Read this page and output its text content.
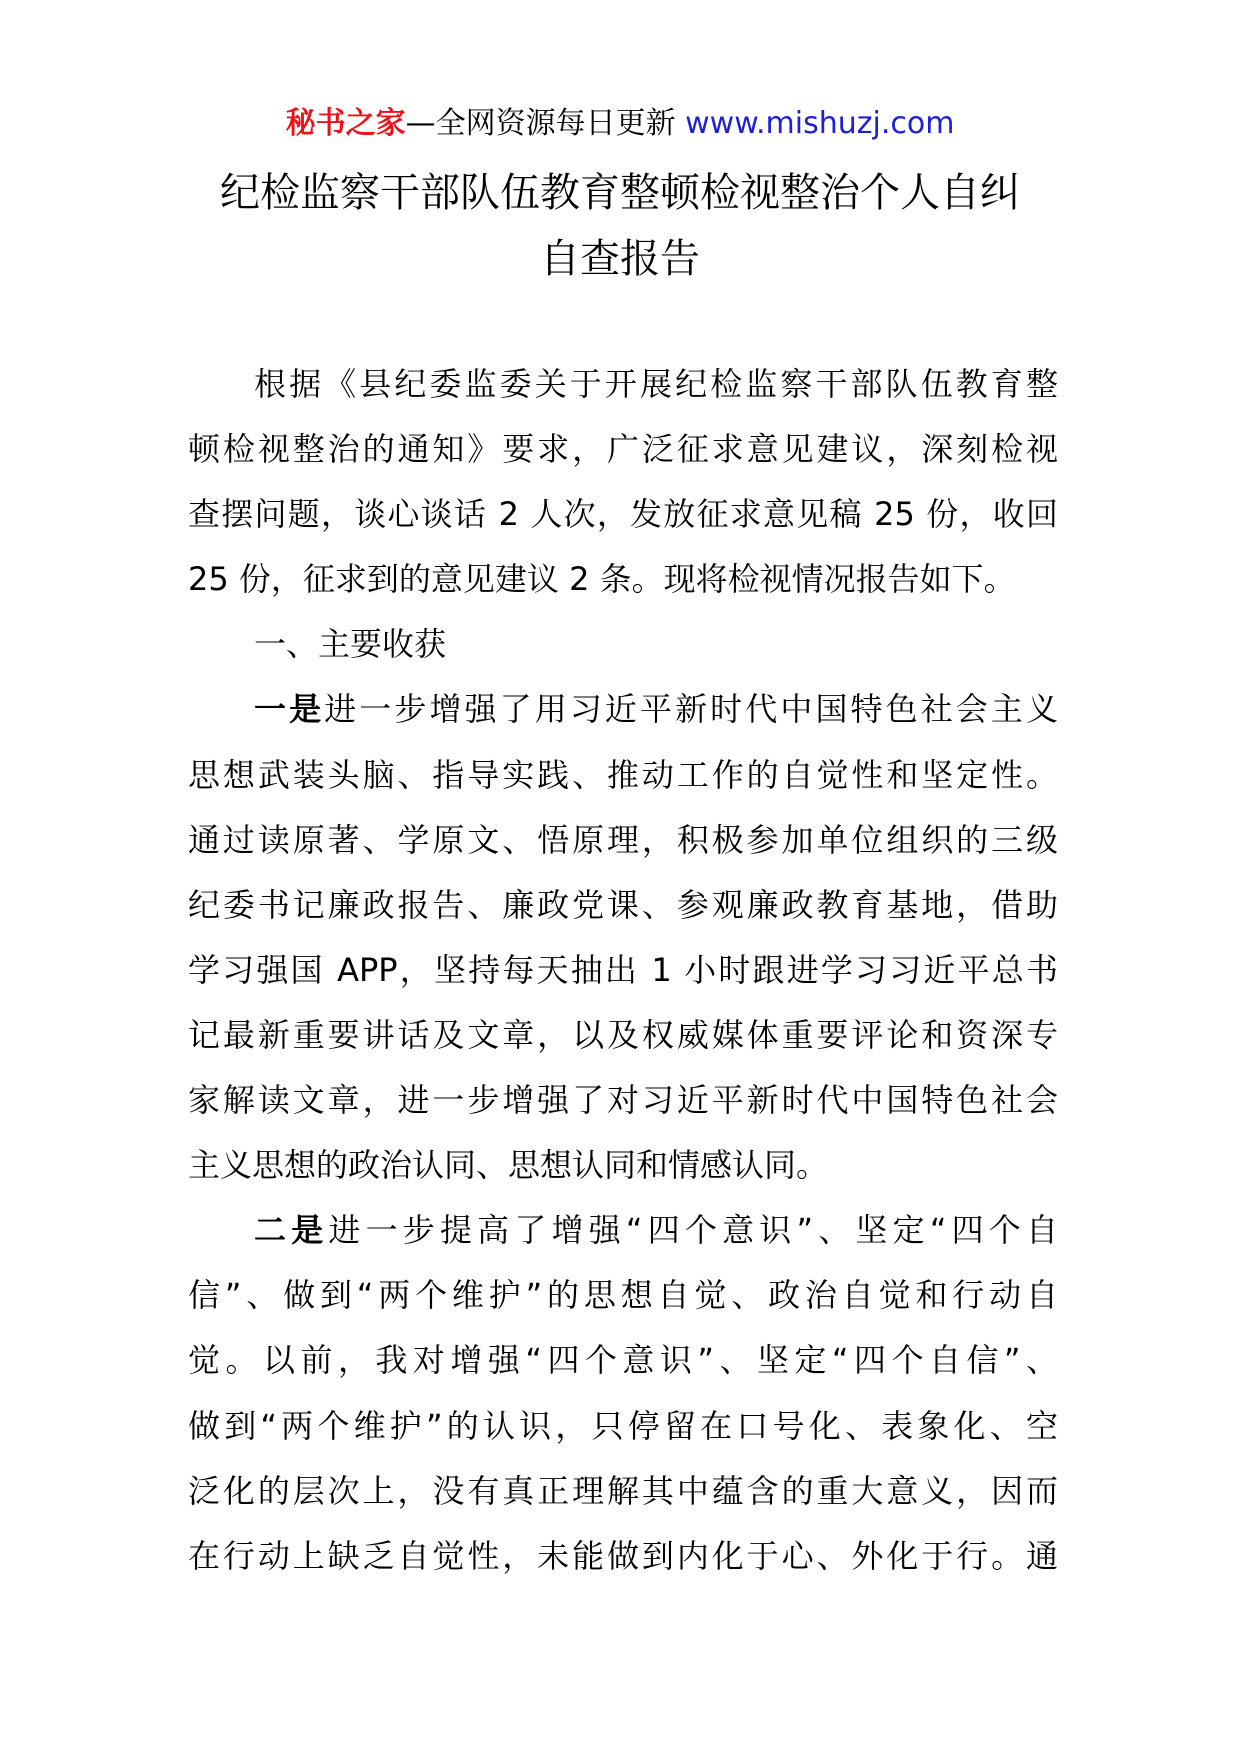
秘书之家—全网资源每日更新 www.mishuzj.com
纪检监察干部队伍教育整顿检视整治个人自纠
自查报告
根据《县纪委监委关于开展纪检监察干部队伍教育整
顿检视整治的通知》要求，广泛征求意见建议，深刻检视
查摆问题，谈心谈话 2 人次，发放征求意见稿 25 份，收回
25 份，征求到的意见建议 2 条。现将检视情况报告如下。
一、主要收获
一是进一步增强了用习近平新时代中国特色社会主义
思想武装头脑、指导实践、推动工作的自觉性和坚定性。
通过读原著、学原文、悟原理，积极参加单位组织的三级
纪委书记廉政报告、廉政党课、参观廉政教育基地，借助
学习强国 APP，坚持每天抽出 1 小时跟进学习习近平总书
记最新重要讲话及文章，以及权威媒体重要评论和资深专
家解读文章，进一步增强了对习近平新时代中国特色社会
主义思想的政治认同、思想认同和情感认同。
二是进一步提高了增强“四个意识”、坚定“四个自
信”、做到“两个维护”的思想自觉、政治自觉和行动自
觉。以前，我对增强“四个意识”、坚定“四个自信”、
做到“两个维护”的认识，只停留在口号化、表象化、空
泛化的层次上，没有真正理解其中蕴含的重大意义，因而
在行动上缺乏自觉性，未能做到内化于心、外化于行。通
